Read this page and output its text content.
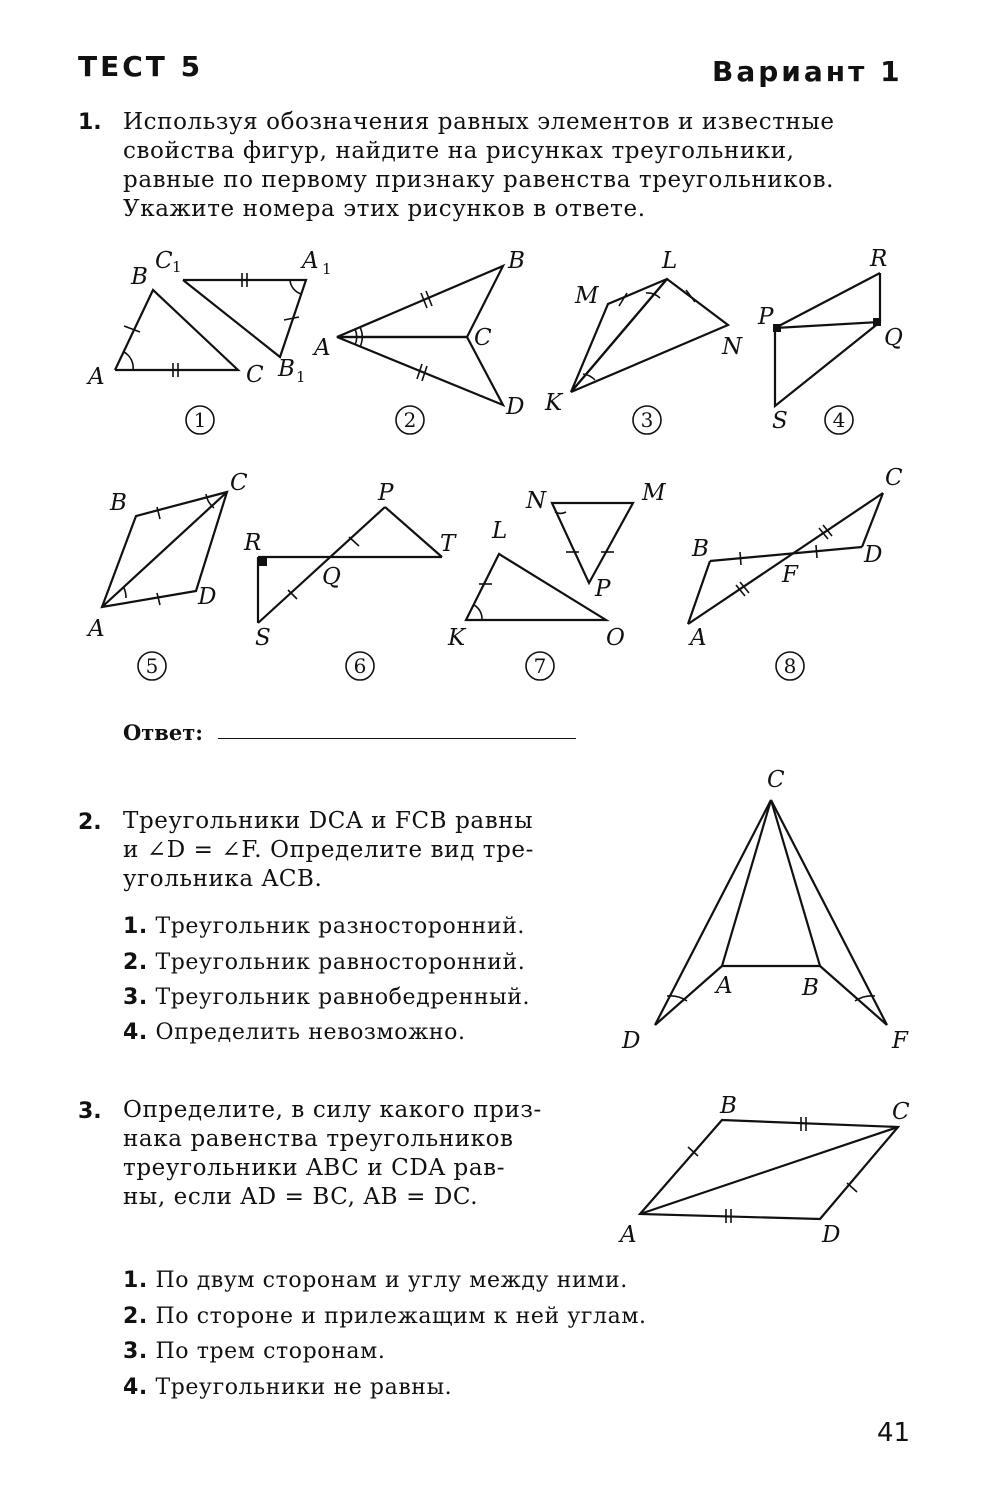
ТЕСТ 5	Вариант 1
1. Используя обозначения равных элементов и известные
свойства фигур, найдите на рисунках треугольники,
равные по первому признаку равенства треугольников.
Укажите номера этих рисунков в ответе.
B
C 1	A 1
A	C B 1
A
B
C
D
L
M
N
K
R
P
Q
S
1	2	3	4
B
C
A
D
P
R	T
Q
S
N	M
L
P
K	O
C
B	D
F
A
5	6	7	8
C
A	B
D	F
B	C
A	D
Ответ:
2. Треугольники DCA и FCB равны
и ∠D = ∠F. Определите вид тре-
угольника ACB.
1. Треугольник разносторонний.
2. Треугольник равносторонний.
3. Треугольник равнобедренный.
4. Определить невозможно.
3. Определите, в силу какого приз-
нака равенства треугольников
треугольники ABC и CDA рав-
ны, если AD = BC, AB = DC.
1. По двум сторонам и углу между ними.
2. По стороне и прилежащим к ней углам.
3. По трем сторонам.
4. Треугольники не равны.
41
